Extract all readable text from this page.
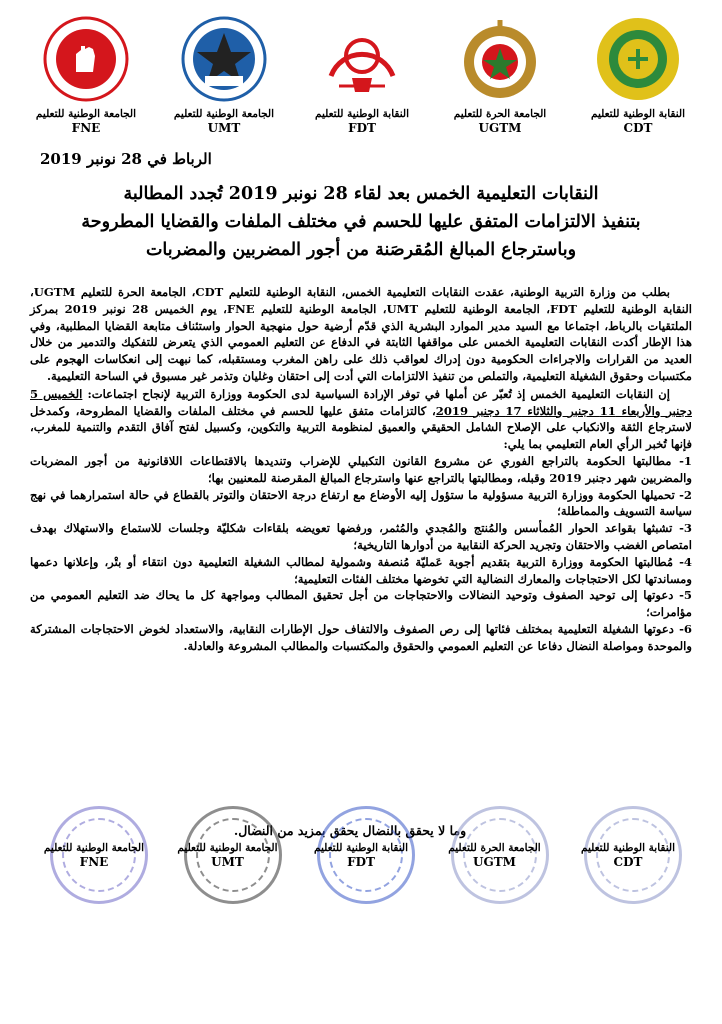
الجامعة الوطنية للتعليم
FNE
الجامعة الوطنية للتعليم
UMT
النقابة الوطنية للتعليم
FDT
الجامعة الحرة للتعليم
UGTM
النقابة الوطنية للتعليم
CDT
الرباط في 28 نونبر 2019
النقابات التعليمية الخمس بعد لقاء 28 نونبر 2019 تُجدد المطالبة
بتنفيذ الالتزامات المتفق عليها للحسم في مختلف الملفات والقضايا المطروحة
وباسترجاع المبالغ المُقرصَنة من أجور المضربين والمضربات

بطلب من وزارة التربية الوطنية، عقدت النقابات التعليمية الخمس، النقابة الوطنية للتعليم CDT، الجامعة الحرة للتعليم UGTM، النقابة الوطنية للتعليم FDT، الجامعة الوطنية للتعليم UMT، الجامعة الوطنية للتعليم FNE، يوم الخميس 28 نونبر 2019 بمركز الملتقيات بالرباط، اجتماعا مع السيد مدير الموارد البشرية الذي قدّم أرضية حول منهجية الحوار واستئناف متابعة القضايا المطلبية، وفي هذا الإطار أكدت النقابات التعليمية الخمس على مواقفها الثابتة في الدفاع عن التعليم العمومي الذي يتعرض للتفكيك والتدمير من خلال العديد من القرارات والاجراءات الحكومية دون إدراك لعواقب ذلك على راهن المغرب ومستقبله، كما نبهت إلى انعكاسات الهجوم على مكتسبات وحقوق الشغيلة التعليمية، والتملص من تنفيذ الالتزامات التي أدت إلى احتقان وغليان وتذمر غير مسبوق في الساحة التعليمية.

إن النقابات التعليمية الخمس إذ تُعبّر عن أملها في توفر الإرادة السياسية لدى الحكومة ووزارة التربية لإنجاح اجتماعات: الخميس 5 دجنبر والأربعاء 11 دجنبر والثلاثاء 17 دجنبر 2019، كالتزامات متفق عليها للحسم في مختلف الملفات والقضايا المطروحة، وكمدخل لاسترجاع الثقة والانكباب على الإصلاح الشامل الحقيقي والعميق لمنظومة التربية والتكوين، وكسبيل لفتح آفاق التقدم والتنمية للمغرب، فإنها تُخبر الرأي العام التعليمي بما يلي:

1- مطالبتها الحكومة بالتراجع الفوري عن مشروع القانون التكبيلي للإضراب وتنديدها بالاقتطاعات اللاقانونية من أجور المضربات والمضربين شهر دجنبر 2019 وقبله، ومطالبتها بالتراجع عنها واسترجاع المبالغ المقرصنة للمعنيين بها؛

2- تحميلها الحكومة ووزارة التربية مسؤولية ما ستؤول إليه الأوضاع مع ارتفاع درجة الاحتقان والتوتر بالقطاع في حالة استمرارهما في نهج سياسة التسويف والمماطلة؛

3- تشبثها بقواعد الحوار المُمأسس والمُنتج والمُجدي والمُثمر، ورفضها تعويضه بلقاءات شكليّة وجلسات للاستماع والاستهلاك بهدف امتصاص الغضب والاحتقان وتجريد الحركة النقابية من أدوارها التاريخية؛

4- مُطالبتها الحكومة ووزارة التربية بتقديم أجوبة عَمليّة مُنصفة وشمولية لمطالب الشغيلة التعليمية دون انتقاء أو بتْر، وإعلانها دعمها ومساندتها لكل الاحتجاجات والمعارك النضالية التي تخوضها مختلف الفئات التعليمية؛

5- دعوتها إلى توحيد الصفوف وتوحيد النضالات والاحتجاجات من أجل تحقيق المطالب ومواجهة كل ما يحاك ضد التعليم العمومي من مؤامرات؛

6- دعوتها الشغيلة التعليمية بمختلف فئاتها إلى رص الصفوف والالتفاف حول الإطارات النقابية، والاستعداد لخوض الاحتجاجات المشتركة والموحدة ومواصلة النضال دفاعا عن التعليم العمومي والحقوق والمكتسبات والمطالب المشروعة والعادلة.

وما لا يحقق بالنضال يحقق بمزيد من النضال.
الجامعة الوطنية للتعليم
FNE
الجامعة الوطنية للتعليم
UMT
النقابة الوطنية للتعليم
FDT
الجامعة الحرة للتعليم
UGTM
النقابة الوطنية للتعليم
CDT
